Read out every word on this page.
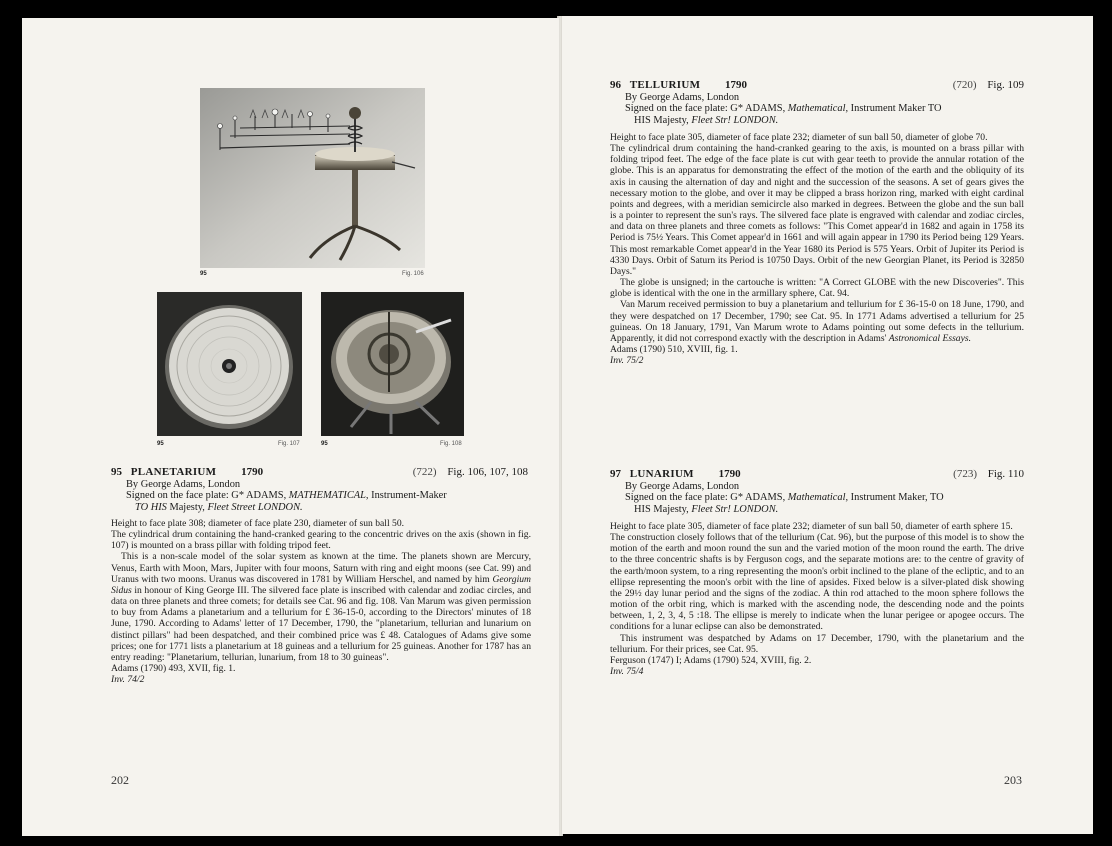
95	Fig. 106
95	Fig. 107	95	Fig. 108
95 PLANETARIUM 1790	(722) Fig. 106, 107, 108
By George Adams, London
Signed on the face plate: G* ADAMS, MATHEMATICAL, Instrument-Maker
TO HIS Majesty, Fleet Street LONDON.

Height to face plate 308; diameter of face plate 230, diameter of sun ball 50.

The cylindrical drum containing the hand-cranked gearing to the concentric drives on the axis (shown in fig. 107) is mounted on a brass pillar with folding tripod feet.

This is a non-scale model of the solar system as known at the time. The planets shown are Mercury, Venus, Earth with Moon, Mars, Jupiter with four moons, Saturn with ring and eight moons (see Cat. 99) and Uranus with two moons. Uranus was discovered in 1781 by William Herschel, and named by him Georgium Sidus in honour of King George III. The silvered face plate is inscribed with calendar and zodiac circles, and data on three planets and three comets; for details see Cat. 96 and fig. 108. Van Marum was given permission to buy from Adams a planetarium and a tellurium for £ 36-15-0, according to the Directors' minutes of 18 June, 1790. According to Adams' letter of 17 December, 1790, the "planetarium, tellurian and lunarium on distinct pillars" had been despatched, and their combined price was £ 48. Catalogues of Adams give some prices; one for 1771 lists a planetarium at 18 guineas and a tellurium for 25 guineas. Another for 1787 has an entry reading: "Planetarium, tellurian, lunarium, from 18 to 30 guineas".

Adams (1790) 493, XVII, fig. 1.

Inv. 74/2

202
96 TELLURIUM 1790	(720) Fig. 109
By George Adams, London
Signed on the face plate: G* ADAMS, Mathematical, Instrument Maker TO
HIS Majesty, Fleet Str! LONDON.

Height to face plate 305, diameter of face plate 232; diameter of sun ball 50, diameter of globe 70.

The cylindrical drum containing the hand-cranked gearing to the axis, is mounted on a brass pillar with folding tripod feet. The edge of the face plate is cut with gear teeth to provide the annular rotation of the globe. This is an apparatus for demonstrating the effect of the motion of the earth and the obliquity of its axis in causing the alternation of day and night and the succession of the seasons. A set of gears gives the necessary motion to the globe, and over it may be clipped a brass horizon ring, marked with eight cardinal points and degrees, with a meridian semicircle also marked in degrees. Between the globe and the sun ball is a pointer to represent the sun's rays. The silvered face plate is engraved with calendar and zodiac circles, and data on three planets and three comets as follows: "This Comet appear'd in 1682 and again in 1758 its Period is 75½ Years. This Comet appear'd in 1661 and will again appear in 1790 its Period being 129 Years. This most remarkable Comet appear'd in the Year 1680 its Period is 575 Years. Orbit of Jupiter its Period is 4330 Days. Orbit of Saturn its Period is 10750 Days. Orbit of the new Georgian Planet, its Period is 32850 Days."

The globe is unsigned; in the cartouche is written: "A Correct GLOBE with the new Discoveries". This globe is identical with the one in the armillary sphere, Cat. 94.

Van Marum received permission to buy a planetarium and tellurium for £ 36-15-0 on 18 June, 1790, and they were despatched on 17 December, 1790; see Cat. 95. In 1771 Adams advertised a tellurium for 25 guineas. On 18 January, 1791, Van Marum wrote to Adams pointing out some defects in the tellurium. Apparently, it did not correspond exactly with the description in Adams' Astronomical Essays.

Adams (1790) 510, XVIII, fig. 1.

Inv. 75/2

97 LUNARIUM 1790	(723) Fig. 110
By George Adams, London
Signed on the face plate: G* ADAMS, Mathematical, Instrument Maker, TO
HIS Majesty, Fleet Str! LONDON.

Height to face plate 305, diameter of face plate 232; diameter of sun ball 50, diameter of earth sphere 15.

The construction closely follows that of the tellurium (Cat. 96), but the purpose of this model is to show the motion of the earth and moon round the sun and the varied motion of the moon round the earth. The drive to the three concentric shafts is by Ferguson cogs, and the separate motions are: to the centre of gravity of the earth/moon system, to a ring representing the moon's orbit inclined to the plane of the ecliptic, and to an ellipse representing the moon's orbit with the line of apsides. Fixed below is a silver-plated disk showing the 29½ day lunar period and the signs of the zodiac. A thin rod attached to the moon sphere follows the motion of the orbit ring, which is marked with the ascending node, the descending node and the points between, 1, 2, 3, 4, 5 :18. The ellipse is merely to indicate when the lunar perigee or apogee occurs. The conditions for a lunar eclipse can also be demonstrated.

This instrument was despatched by Adams on 17 December, 1790, with the planetarium and the tellurium. For their prices, see Cat. 95.

Ferguson (1747) I; Adams (1790) 524, XVIII, fig. 2.

Inv. 75/4

203
